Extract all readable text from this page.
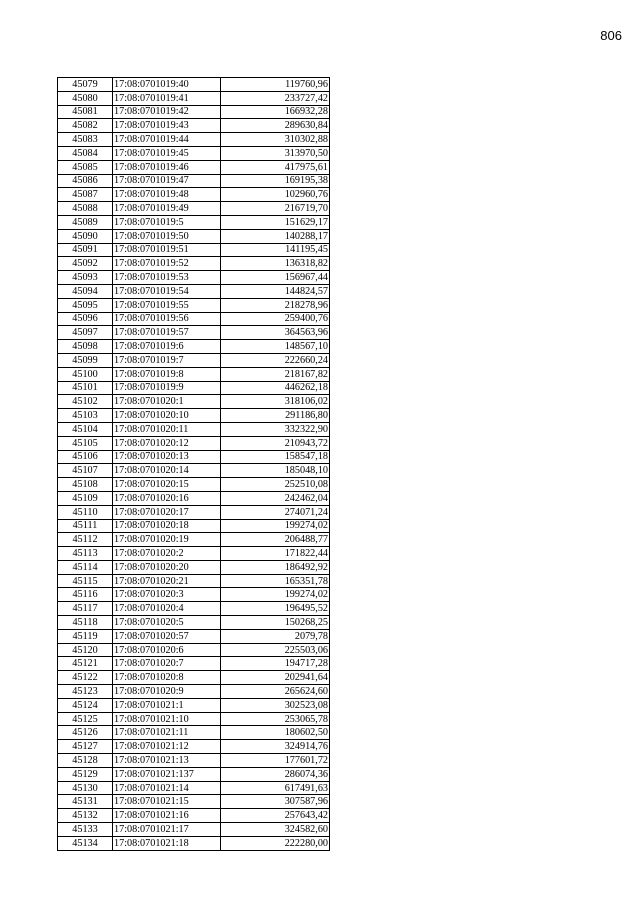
806
45079	17:08:0701019:40	119760,96
45080	17:08:0701019:41	233727,42
45081	17:08:0701019:42	166932,28
45082	17:08:0701019:43	289630,84
45083	17:08:0701019:44	310302,88
45084	17:08:0701019:45	313970,50
45085	17:08:0701019:46	417975,61
45086	17:08:0701019:47	169195,38
45087	17:08:0701019:48	102960,76
45088	17:08:0701019:49	216719,70
45089	17:08:0701019:5	151629,17
45090	17:08:0701019:50	140288,17
45091	17:08:0701019:51	141195,45
45092	17:08:0701019:52	136318,82
45093	17:08:0701019:53	156967,44
45094	17:08:0701019:54	144824,57
45095	17:08:0701019:55	218278,96
45096	17:08:0701019:56	259400,76
45097	17:08:0701019:57	364563,96
45098	17:08:0701019:6	148567,10
45099	17:08:0701019:7	222660,24
45100	17:08:0701019:8	218167,82
45101	17:08:0701019:9	446262,18
45102	17:08:0701020:1	318106,02
45103	17:08:0701020:10	291186,80
45104	17:08:0701020:11	332322,90
45105	17:08:0701020:12	210943,72
45106	17:08:0701020:13	158547,18
45107	17:08:0701020:14	185048,10
45108	17:08:0701020:15	252510,08
45109	17:08:0701020:16	242462,04
45110	17:08:0701020:17	274071,24
45111	17:08:0701020:18	199274,02
45112	17:08:0701020:19	206488,77
45113	17:08:0701020:2	171822,44
45114	17:08:0701020:20	186492,92
45115	17:08:0701020:21	165351,78
45116	17:08:0701020:3	199274,02
45117	17:08:0701020:4	196495,52
45118	17:08:0701020:5	150268,25
45119	17:08:0701020:57	2079,78
45120	17:08:0701020:6	225503,06
45121	17:08:0701020:7	194717,28
45122	17:08:0701020:8	202941,64
45123	17:08:0701020:9	265624,60
45124	17:08:0701021:1	302523,08
45125	17:08:0701021:10	253065,78
45126	17:08:0701021:11	180602,50
45127	17:08:0701021:12	324914,76
45128	17:08:0701021:13	177601,72
45129	17:08:0701021:137	286074,36
45130	17:08:0701021:14	617491,63
45131	17:08:0701021:15	307587,96
45132	17:08:0701021:16	257643,42
45133	17:08:0701021:17	324582,60
45134	17:08:0701021:18	222280,00
